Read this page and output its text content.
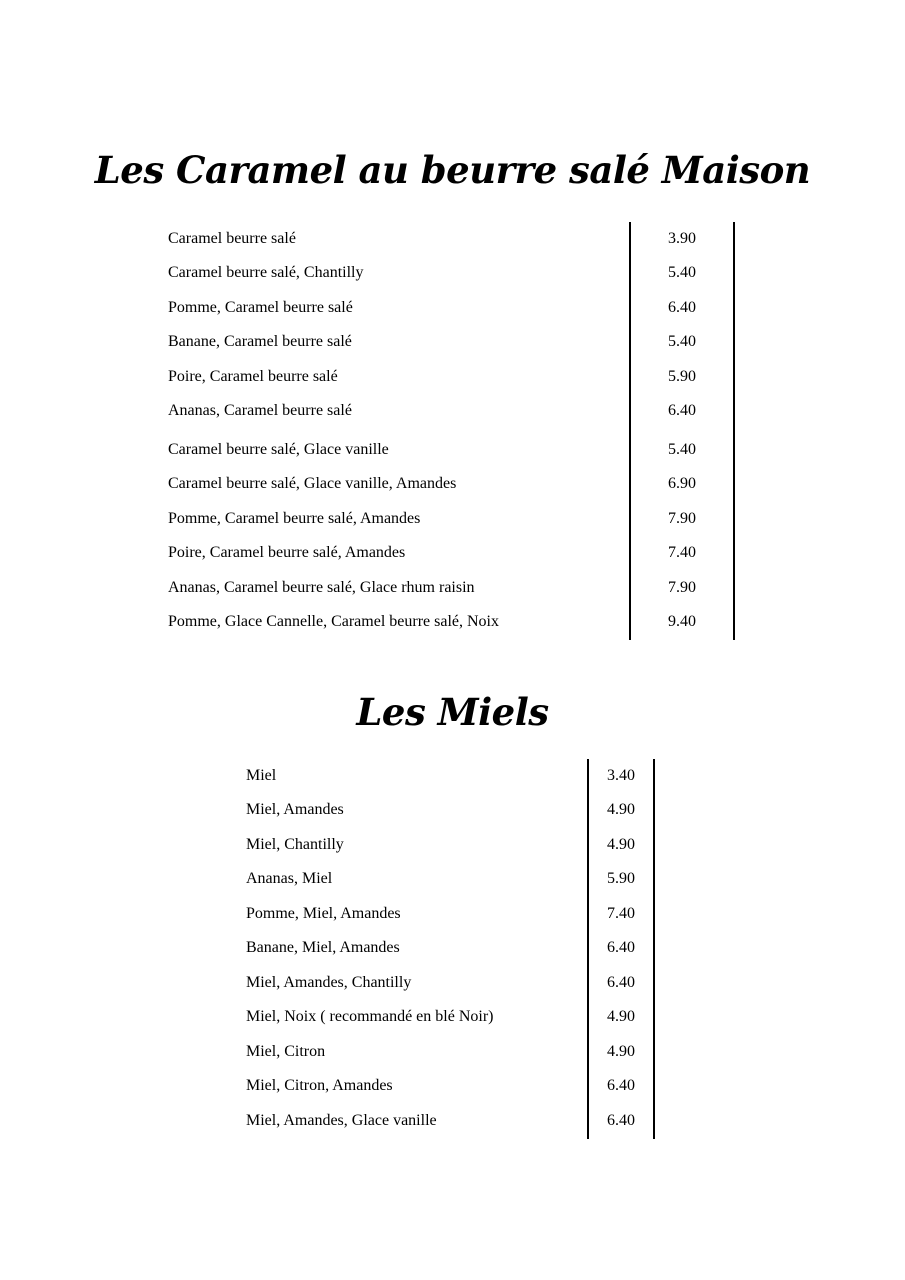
Les Caramel au beurre salé Maison
Caramel beurre salé	3.90
Caramel beurre salé, Chantilly	5.40
Pomme, Caramel beurre salé	6.40
Banane, Caramel beurre salé	5.40
Poire, Caramel beurre salé	5.90
Ananas, Caramel beurre salé	6.40
Caramel beurre salé, Glace vanille	5.40
Caramel beurre salé, Glace vanille, Amandes	6.90
Pomme, Caramel beurre salé, Amandes	7.90
Poire, Caramel beurre salé, Amandes	7.40
Ananas, Caramel beurre salé, Glace rhum raisin	7.90
Pomme, Glace Cannelle, Caramel beurre salé, Noix	9.40
Les Miels
Miel	3.40
Miel, Amandes	4.90
Miel, Chantilly	4.90
Ananas, Miel	5.90
Pomme, Miel, Amandes	7.40
Banane, Miel, Amandes	6.40
Miel, Amandes, Chantilly	6.40
Miel, Noix ( recommandé en blé Noir)	4.90
Miel, Citron	4.90
Miel, Citron, Amandes	6.40
Miel, Amandes, Glace vanille	6.40
